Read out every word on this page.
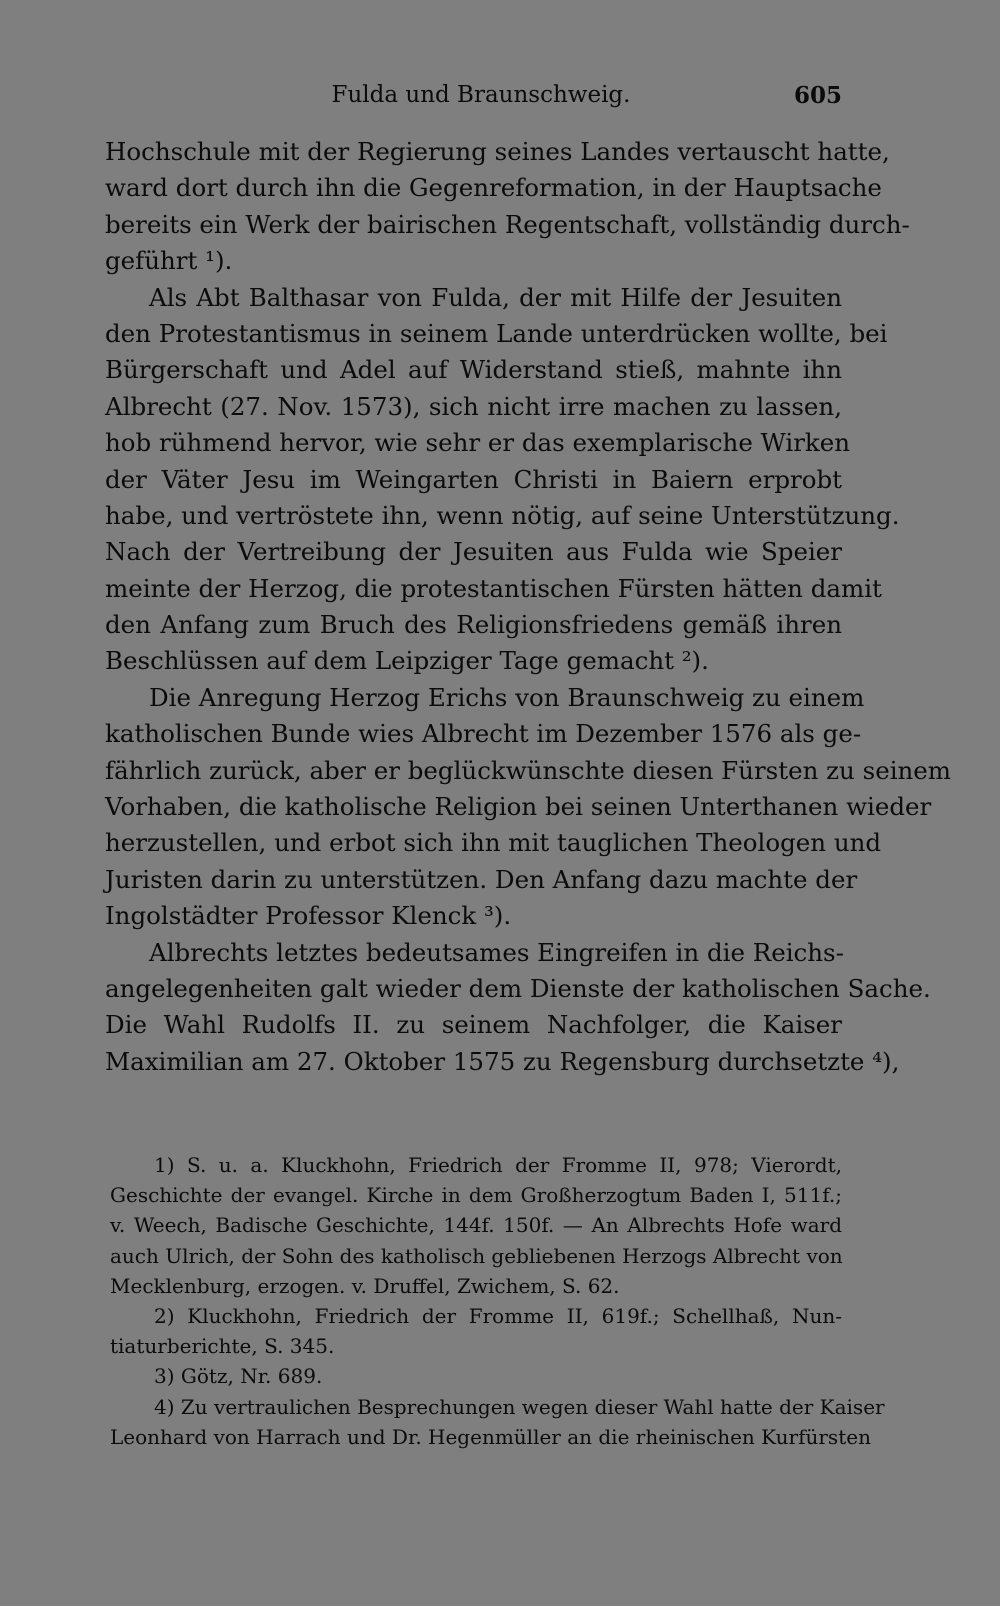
Fulda und Braunschweig.	605
Hochschule mit der Regierung seines Landes vertauscht hatte,
ward dort durch ihn die Gegenreformation, in der Hauptsache
bereits ein Werk der bairischen Regentschaft, vollständig durch-
geführt ¹).
Als Abt Balthasar von Fulda, der mit Hilfe der Jesuiten
den Protestantismus in seinem Lande unterdrücken wollte, bei
Bürgerschaft und Adel auf Widerstand stieß, mahnte ihn
Albrecht (27. Nov. 1573), sich nicht irre machen zu lassen,
hob rühmend hervor, wie sehr er das exemplarische Wirken
der Väter Jesu im Weingarten Christi in Baiern erprobt
habe, und vertröstete ihn, wenn nötig, auf seine Unterstützung.
Nach der Vertreibung der Jesuiten aus Fulda wie Speier
meinte der Herzog, die protestantischen Fürsten hätten damit
den Anfang zum Bruch des Religionsfriedens gemäß ihren
Beschlüssen auf dem Leipziger Tage gemacht ²).
Die Anregung Herzog Erichs von Braunschweig zu einem
katholischen Bunde wies Albrecht im Dezember 1576 als ge-
fährlich zurück, aber er beglückwünschte diesen Fürsten zu seinem
Vorhaben, die katholische Religion bei seinen Unterthanen wieder
herzustellen, und erbot sich ihn mit tauglichen Theologen und
Juristen darin zu unterstützen. Den Anfang dazu machte der
Ingolstädter Professor Klenck ³).
Albrechts letztes bedeutsames Eingreifen in die Reichs-
angelegenheiten galt wieder dem Dienste der katholischen Sache.
Die Wahl Rudolfs II. zu seinem Nachfolger, die Kaiser
Maximilian am 27. Oktober 1575 zu Regensburg durchsetzte ⁴),
1) S. u. a. Kluckhohn, Friedrich der Fromme II, 978; Vierordt,
Geschichte der evangel. Kirche in dem Großherzogtum Baden I, 511f.;
v. Weech, Badische Geschichte, 144f. 150f. — An Albrechts Hofe ward
auch Ulrich, der Sohn des katholisch gebliebenen Herzogs Albrecht von
Mecklenburg, erzogen. v. Druffel, Zwichem, S. 62.
2) Kluckhohn, Friedrich der Fromme II, 619f.; Schellhaß, Nun-
tiaturberichte, S. 345.
3) Götz, Nr. 689.
4) Zu vertraulichen Besprechungen wegen dieser Wahl hatte der Kaiser
Leonhard von Harrach und Dr. Hegenmüller an die rheinischen Kurfürsten
